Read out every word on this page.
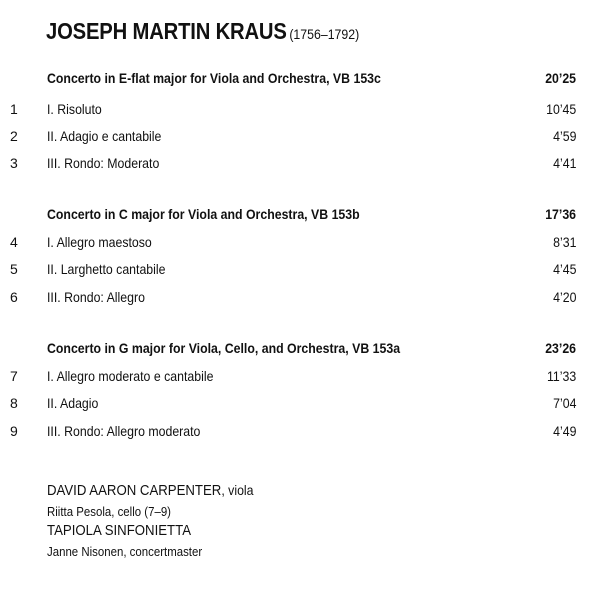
JOSEPH MARTIN KRAUS (1756–1792)
Concerto in E-flat major for Viola and Orchestra, VB 153c	20’25
1	I. Risoluto	10’45
2	II. Adagio e cantabile	4’59
3	III. Rondo: Moderato	4’41
Concerto in C major for Viola and Orchestra, VB 153b	17’36
4	I. Allegro maestoso	8’31
5	II. Larghetto cantabile	4’45
6	III. Rondo: Allegro	4’20
Concerto in G major for Viola, Cello, and Orchestra, VB 153a	23’26
7	I. Allegro moderato e cantabile	11’33
8	II. Adagio	7’04
9	III. Rondo: Allegro moderato	4’49
DAVID AARON CARPENTER, viola
Riitta Pesola, cello (7–9)
TAPIOLA SINFONIETTA
Janne Nisonen, concertmaster
